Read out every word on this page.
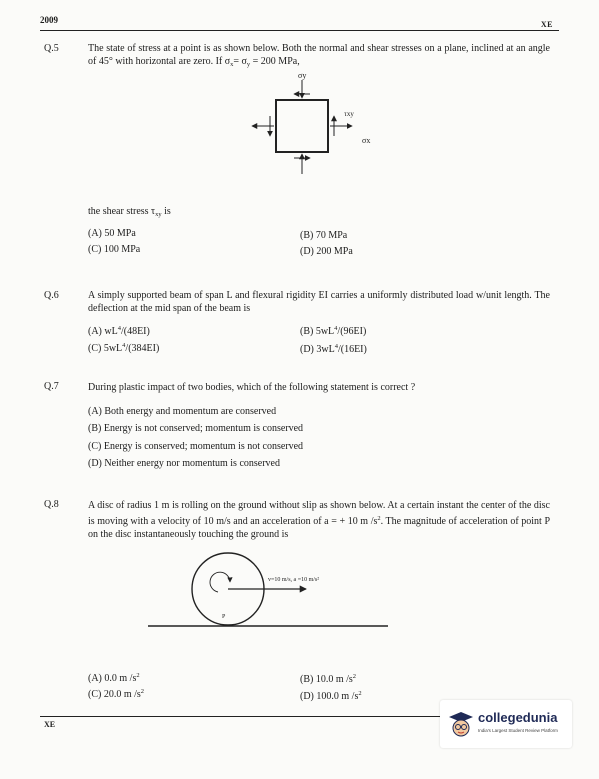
2009	XE
Q.5	The state of stress at a point is as shown below. Both the normal and shear stresses on a plane, inclined at an angle of 45° with horizontal are zero. If $\sigma_x= \sigma_y = 200$ MPa,
σy
τxy
σx
the shear stress $\tau_{xy}$ is
(A) 50 MPa	(B) 70 MPa
(C) 100 MPa	(D) 200 MPa
Q.6	A simply supported beam of span L and flexural rigidity EI carries a uniformly distributed load w/unit length. The deflection at the mid span of the beam is
(A) $wL^4/(48EI)$	(B) $5wL^4/(96EI)$
(C) $5wL^4/(384EI)$	(D) $3wL^4/(16EI)$
Q.7	During plastic impact of two bodies, which of the following statement is correct ?
(A) Both energy and momentum are conserved
(B) Energy is not conserved; momentum is conserved
(C) Energy is conserved; momentum is not conserved
(D) Neither energy nor momentum is conserved
Q.8	A disc of radius 1 m is rolling on the ground without slip as shown below. At a certain instant the center of the disc is moving with a velocity of 10 m/s and an acceleration of a = + 10 m $/s^2$. The magnitude of acceleration of point P on the disc instantaneously touching the ground is
v=10 m/s, a =10 m/s²
P
(A) 0.0 m $/s^2$	(B) 10.0 m $/s^2$
(C) 20.0 m $/s^2$	(D) 100.0 m $/s^2$
XE	collegedunia
India's Largest Student Review Platform
